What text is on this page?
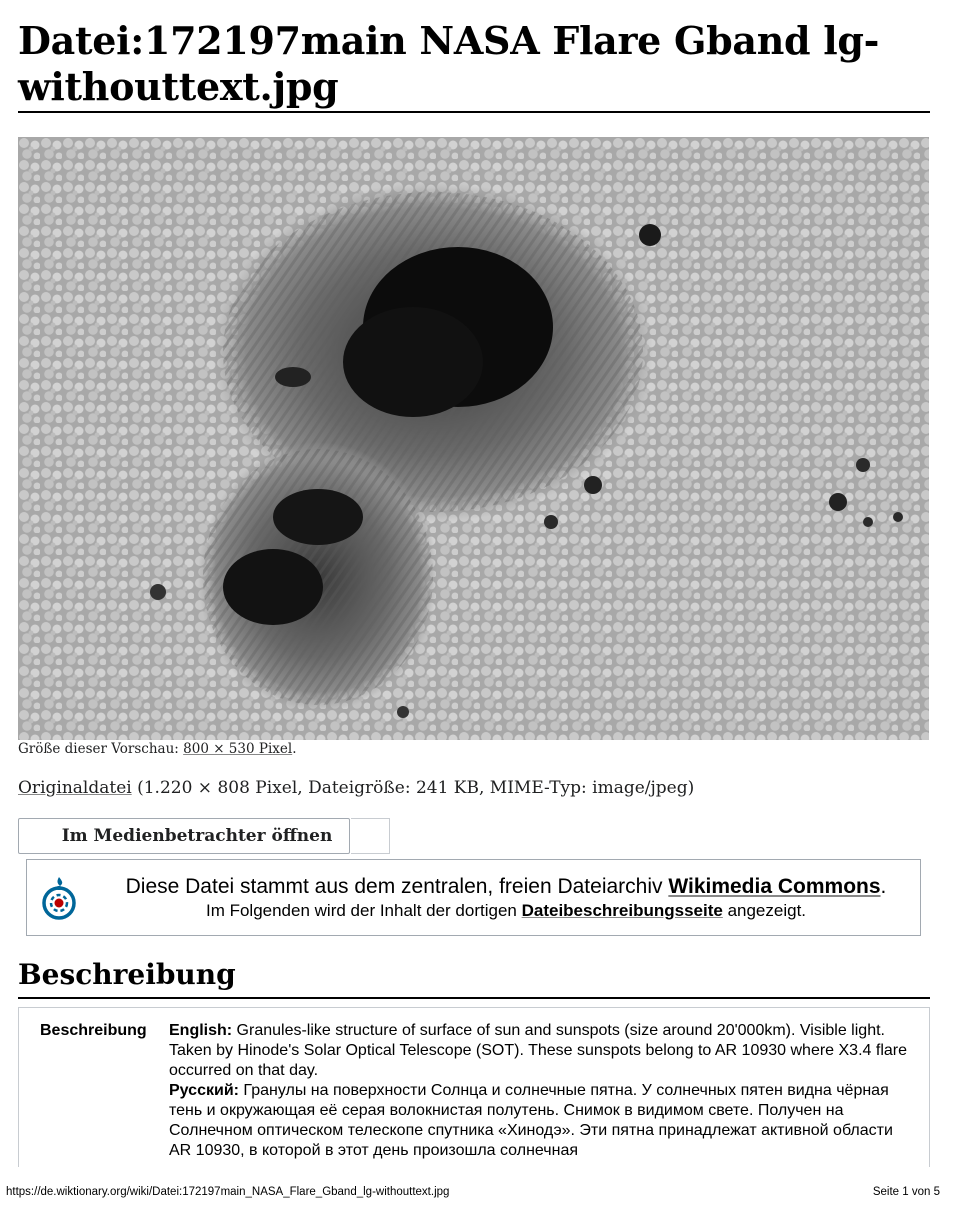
Datei:172197main NASA Flare Gband lg-withouttext.jpg
Größe dieser Vorschau: 800 × 530 Pixel.
Originaldatei (1.220 × 808 Pixel, Dateigröße: 241 KB, MIME-Typ: image/jpeg)
Im Medienbetrachter öffnen
Diese Datei stammt aus dem zentralen, freien Dateiarchiv Wikimedia Commons.
Im Folgenden wird der Inhalt der dortigen Dateibeschreibungsseite angezeigt.
Beschreibung
Beschreibung English: Granules-like structure of surface of sun and sunspots (size around 20'000km). Visible light. Taken by Hinode's Solar Optical Telescope (SOT). These sunspots belong to AR 10930 where X3.4 flare occurred on that day.
Русский: Гранулы на поверхности Солнца и солнечные пятна. У солнечных пятен видна чёрная тень и окружающая её серая волокнистая полутень. Снимок в видимом свете. Получен на Солнечном оптическом телескопе спутника «Хинодэ». Эти пятна принадлежат активной области AR 10930, в которой в этот день произошла солнечная
https://de.wiktionary.org/wiki/Datei:172197main_NASA_Flare_Gband_lg-withouttext.jpg	Seite 1 von 5
